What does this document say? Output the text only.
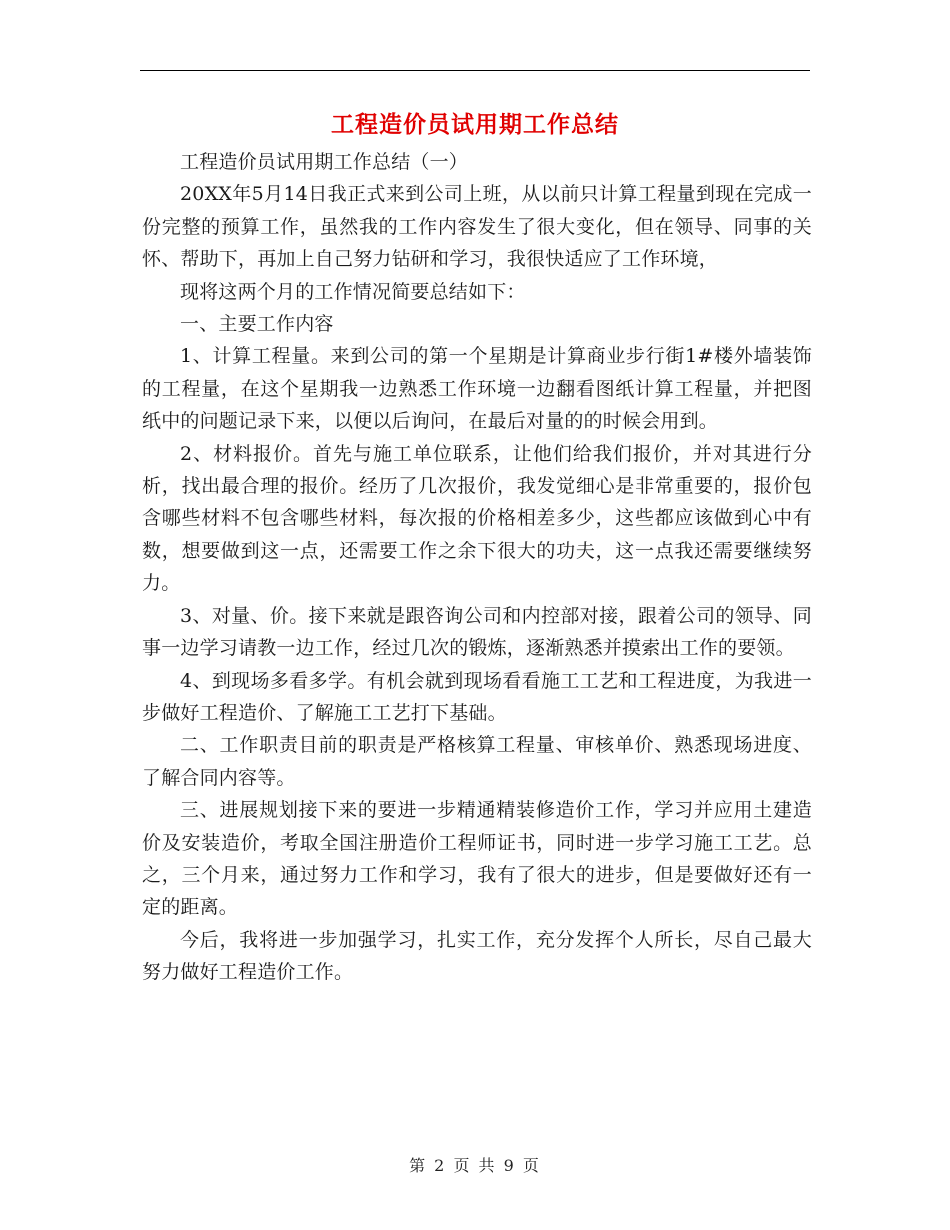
工程造价员试用期工作总结

工程造价员试用期工作总结（一）

20XX年5月14日我正式来到公司上班，从以前只计算工程量到现在完成一份完整的预算工作，虽然我的工作内容发生了很大变化，但在领导、同事的关怀、帮助下，再加上自己努力钻研和学习，我很快适应了工作环境，

现将这两个月的工作情况简要总结如下：

一、主要工作内容

1、计算工程量。来到公司的第一个星期是计算商业步行街1#楼外墙装饰的工程量，在这个星期我一边熟悉工作环境一边翻看图纸计算工程量，并把图纸中的问题记录下来，以便以后询问，在最后对量的的时候会用到。

2、材料报价。首先与施工单位联系，让他们给我们报价，并对其进行分析，找出最合理的报价。经历了几次报价，我发觉细心是非常重要的，报价包含哪些材料不包含哪些材料，每次报的价格相差多少，这些都应该做到心中有数，想要做到这一点，还需要工作之余下很大的功夫，这一点我还需要继续努力。

3、对量、价。接下来就是跟咨询公司和内控部对接，跟着公司的领导、同事一边学习请教一边工作，经过几次的锻炼，逐渐熟悉并摸索出工作的要领。

4、到现场多看多学。有机会就到现场看看施工工艺和工程进度，为我进一步做好工程造价、了解施工工艺打下基础。

二、工作职责目前的职责是严格核算工程量、审核单价、熟悉现场进度、了解合同内容等。

三、进展规划接下来的要进一步精通精装修造价工作，学习并应用土建造价及安装造价，考取全国注册造价工程师证书，同时进一步学习施工工艺。总之，三个月来，通过努力工作和学习，我有了很大的进步，但是要做好还有一定的距离。

今后，我将进一步加强学习，扎实工作，充分发挥个人所长，尽自己最大努力做好工程造价工作。

第 2 页 共 9 页
